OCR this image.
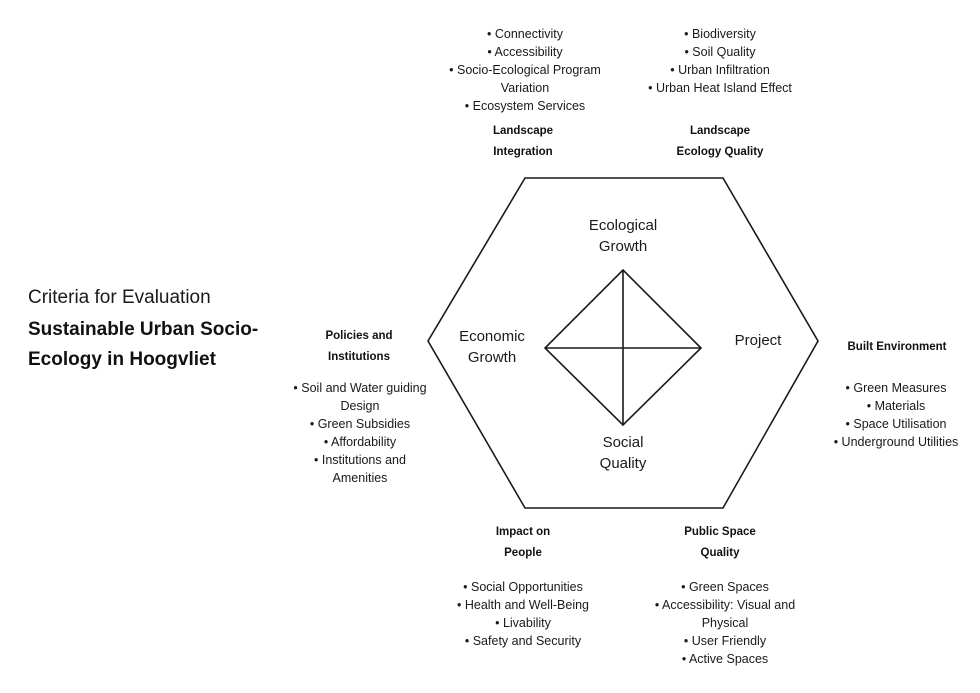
Criteria for Evaluation
Sustainable Urban Socio-Ecology in Hoogvliet
Ecological
Growth
Project
Social
Quality
Economic
Growth
• Connectivity
• Accessibility
• Socio-Ecological Program Variation
• Ecosystem Services
Landscape
Integration
• Biodiversity
• Soil Quality
• Urban Infiltration
• Urban Heat Island Effect
Landscape
Ecology Quality
Policies and
Institutions
• Soil and Water guiding Design
• Green Subsidies
• Affordability
• Institutions and Amenities
Built Environment
• Green Measures
• Materials
• Space Utilisation
• Underground Utilities
Impact on
People
• Social Opportunities
• Health and Well-Being
• Livability
• Safety and Security
Public Space
Quality
• Green Spaces
• Accessibility: Visual and Physical
• User Friendly
• Active Spaces
